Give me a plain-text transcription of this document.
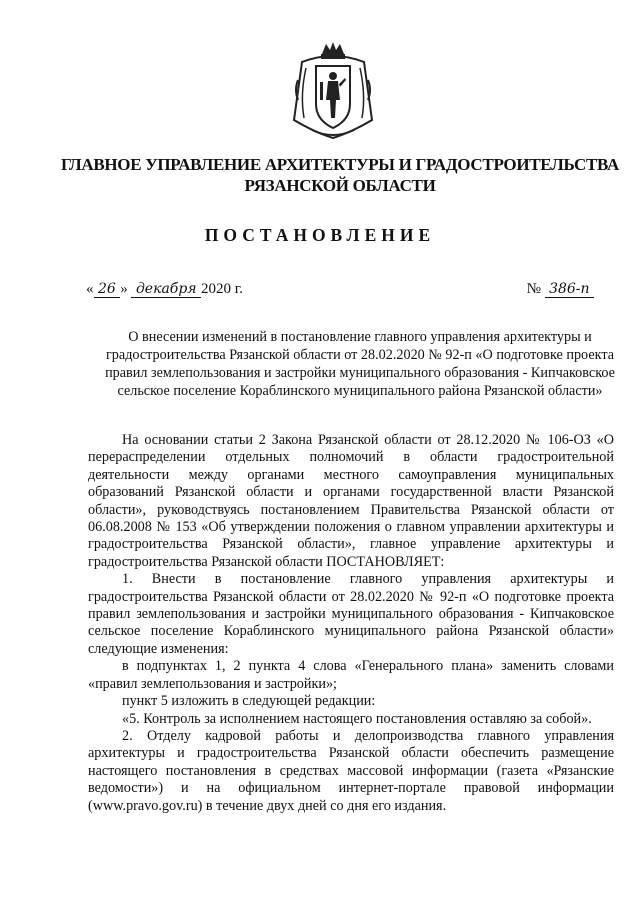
ГЛАВНОЕ УПРАВЛЕНИЕ АРХИТЕКТУРЫ И ГРАДОСТРОИТЕЛЬСТВА
РЯЗАНСКОЙ ОБЛАСТИ
ПОСТАНОВЛЕНИЕ
« 26 » декабря 2020 г.	№ 386-п
О внесении изменений в постановление главного управления архитектуры и градостроительства Рязанской области от 28.02.2020 № 92-п «О подготовке проекта правил землепользования и застройки муниципального образования - Кипчаковское сельское поселение Кораблинского муниципального района Рязанской области»

На основании статьи 2 Закона Рязанской области от 28.12.2020 № 106-ОЗ «О перераспределении отдельных полномочий в области градостроительной деятельности между органами местного самоуправления муниципальных образований Рязанской области и органами государственной власти Рязанской области», руководствуясь постановлением Правительства Рязанской области от 06.08.2008 № 153 «Об утверждении положения о главном управлении архитектуры и градостроительства Рязанской области», главное управление архитектуры и градостроительства Рязанской области ПОСТАНОВЛЯЕТ:

1. Внести в постановление главного управления архитектуры и градостроительства Рязанской области от 28.02.2020 № 92-п «О подготовке проекта правил землепользования и застройки муниципального образования - Кипчаковское сельское поселение Кораблинского муниципального района Рязанской области» следующие изменения:

в подпунктах 1, 2 пункта 4 слова «Генерального плана» заменить словами «правил землепользования и застройки»;

пункт 5 изложить в следующей редакции:

«5. Контроль за исполнением настоящего постановления оставляю за собой».

2. Отделу кадровой работы и делопроизводства главного управления архитектуры и градостроительства Рязанской области обеспечить размещение настоящего постановления в средствах массовой информации (газета «Рязанские ведомости») и на официальном интернет-портале правовой информации (www.pravo.gov.ru) в течение двух дней со дня его издания.
